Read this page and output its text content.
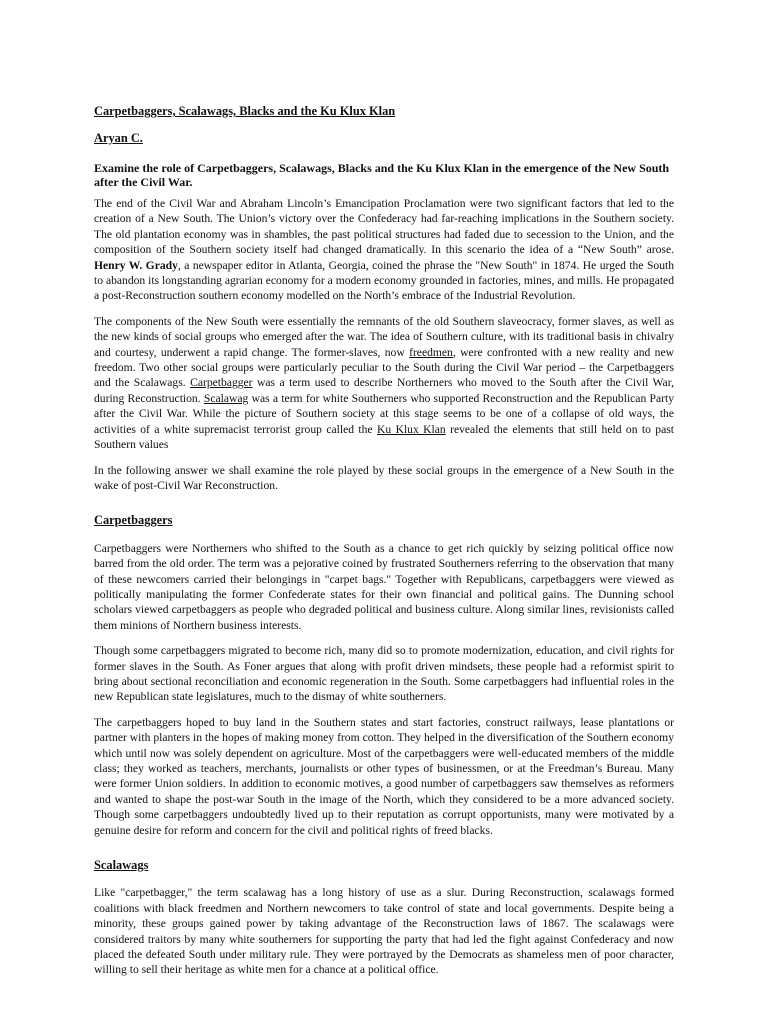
Carpetbaggers, Scalawags, Blacks and the Ku Klux Klan
Aryan C.

Examine the role of Carpetbaggers, Scalawags, Blacks and the Ku Klux Klan in the emergence of the New South after the Civil War.

The end of the Civil War and Abraham Lincoln’s Emancipation Proclamation were two significant factors that led to the creation of a New South. The Union’s victory over the Confederacy had far-reaching implications in the Southern society. The old plantation economy was in shambles, the past political structures had faded due to secession to the Union, and the composition of the Southern society itself had changed dramatically. In this scenario the idea of a “New South” arose. Henry W. Grady, a newspaper editor in Atlanta, Georgia, coined the phrase the "New South" in 1874. He urged the South to abandon its longstanding agrarian economy for a modern economy grounded in factories, mines, and mills. He propagated a post-Reconstruction southern economy modelled on the North’s embrace of the Industrial Revolution.

The components of the New South were essentially the remnants of the old Southern slaveocracy, former slaves, as well as the new kinds of social groups who emerged after the war. The idea of Southern culture, with its traditional basis in chivalry and courtesy, underwent a rapid change. The former-slaves, now freedmen, were confronted with a new reality and new freedom. Two other social groups were particularly peculiar to the South during the Civil War period – the Carpetbaggers and the Scalawags. Carpetbagger was a term used to describe Northerners who moved to the South after the Civil War, during Reconstruction. Scalawag was a term for white Southerners who supported Reconstruction and the Republican Party after the Civil War. While the picture of Southern society at this stage seems to be one of a collapse of old ways, the activities of a white supremacist terrorist group called the Ku Klux Klan revealed the elements that still held on to past Southern values

In the following answer we shall examine the role played by these social groups in the emergence of a New South in the wake of post-Civil War Reconstruction.

Carpetbaggers

Carpetbaggers were Northerners who shifted to the South as a chance to get rich quickly by seizing political office now barred from the old order. The term was a pejorative coined by frustrated Southerners referring to the observation that many of these newcomers carried their belongings in "carpet bags." Together with Republicans, carpetbaggers were viewed as politically manipulating the former Confederate states for their own financial and political gains. The Dunning school scholars viewed carpetbaggers as people who degraded political and business culture. Along similar lines, revisionists called them minions of Northern business interests.

Though some carpetbaggers migrated to become rich, many did so to promote modernization, education, and civil rights for former slaves in the South. As Foner argues that along with profit driven mindsets, these people had a reformist spirit to bring about sectional reconciliation and economic regeneration in the South. Some carpetbaggers had influential roles in the new Republican state legislatures, much to the dismay of white southerners.

The carpetbaggers hoped to buy land in the Southern states and start factories, construct railways, lease plantations or partner with planters in the hopes of making money from cotton. They helped in the diversification of the Southern economy which until now was solely dependent on agriculture. Most of the carpetbaggers were well-educated members of the middle class; they worked as teachers, merchants, journalists or other types of businessmen, or at the Freedman’s Bureau. Many were former Union soldiers. In addition to economic motives, a good number of carpetbaggers saw themselves as reformers and wanted to shape the post-war South in the image of the North, which they considered to be a more advanced society. Though some carpetbaggers undoubtedly lived up to their reputation as corrupt opportunists, many were motivated by a genuine desire for reform and concern for the civil and political rights of freed blacks.

Scalawags

Like "carpetbagger," the term scalawag has a long history of use as a slur. During Reconstruction, scalawags formed coalitions with black freedmen and Northern newcomers to take control of state and local governments. Despite being a minority, these groups gained power by taking advantage of the Reconstruction laws of 1867. The scalawags were considered traitors by many white southerners for supporting the party that had led the fight against Confederacy and now placed the defeated South under military rule. They were portrayed by the Democrats as shameless men of poor character, willing to sell their heritage as white men for a chance at a political office.
